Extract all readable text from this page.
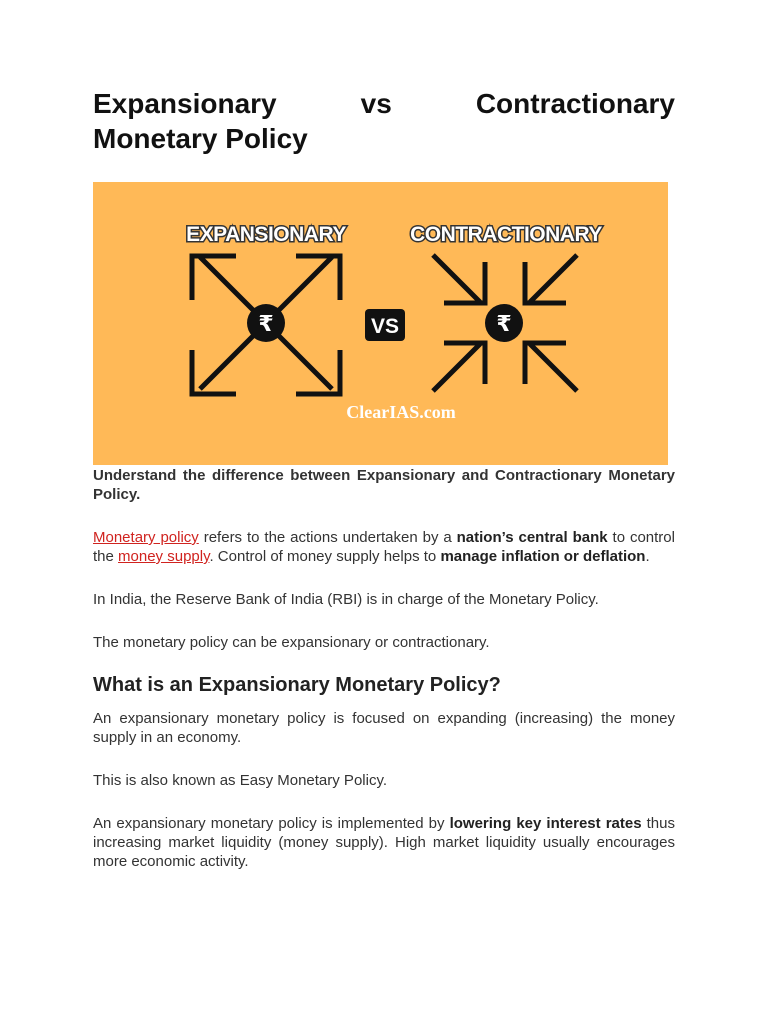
Expansionary	vs	Contractionary
Monetary Policy
EXPANSIONARY	CONTRACTIONARY
₹	VS	₹
ClearIAS.com

Understand the difference between Expansionary and Contractionary Monetary Policy.

Monetary policy refers to the actions undertaken by a nation’s central bank to control the money supply. Control of money supply helps to manage inflation or deflation.

In India, the Reserve Bank of India (RBI) is in charge of the Monetary Policy.

The monetary policy can be expansionary or contractionary.

What is an Expansionary Monetary Policy?

An expansionary monetary policy is focused on expanding (increasing) the money supply in an economy.

This is also known as Easy Monetary Policy.

An expansionary monetary policy is implemented by lowering key interest rates thus increasing market liquidity (money supply). High market liquidity usually encourages more economic activity.
